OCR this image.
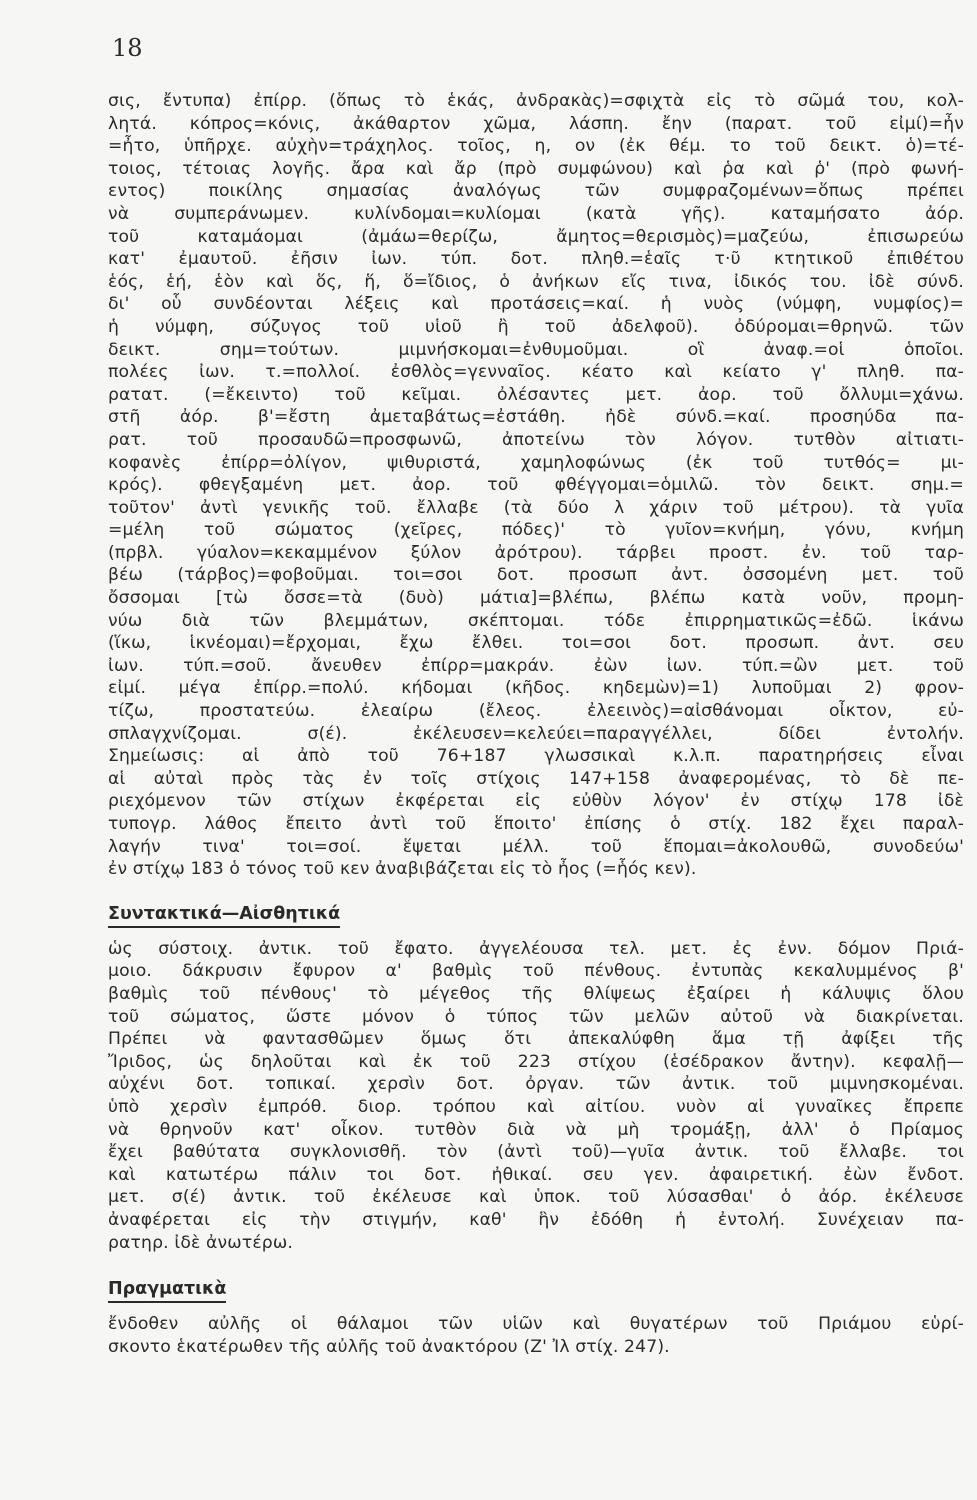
18
σις, ἔντυπα) ἐπίρρ. (ὅπως τὸ ἑκάς, ἀνδρακὰς)=σφιχτὰ εἰς τὸ σῶμά του, κολ-
λητά. κόπρος=κόνις, ἀκάθαρτον χῶμα, λάσπη. ἔην (παρατ. τοῦ εἰμί)=ἦν
=ἦτο, ὑπῆρχε. αὐχὴν=τράχηλος. τοῖος, η, ον (ἐκ θέμ. το τοῦ δεικτ. ὁ)=τέ-
τοιος, τέτοιας λογῆς. ἄρα καὶ ἄρ (πρὸ συμφώνου) καὶ ῥα καὶ ῥ' (πρὸ φωνή-
εντος) ποικίλης σημασίας ἀναλόγως τῶν συμφραζομένων=ὅπως πρέπει
νὰ συμπεράνωμεν. κυλίνδομαι=κυλίομαι (κατὰ γῆς). καταμήσατο ἀόρ.
τοῦ καταμάομαι (ἀμάω=θερίζω, ἄμητος=θερισμὸς)=μαζεύω, ἐπισωρεύω
κατ' ἐμαυτοῦ. ἐῆσιν ἰων. τύπ. δοτ. πληθ.=ἑαῖς τ·ῦ κτητικοῦ ἐπιθέτου
ἑός, ἑή, ἑὸν καὶ ὅς, ἥ, ὅ=ἴδιος, ὁ ἀνήκων εἴς τινα, ἰδικός του. ἰδὲ σύνδ.
δι' οὗ συνδέονται λέξεις καὶ προτάσεις=καί. ἡ νυὸς (νύμφη, νυμφίος)=
ἡ νύμφη, σύζυγος τοῦ υἱοῦ ἢ τοῦ ἀδελφοῦ). ὀδύρομαι=θρηνῶ. τῶν
δεικτ. σημ=τούτων. μιμνήσκομαι=ἐνθυμοῦμαι. οἳ ἀναφ.=οἱ ὁποῖοι.
πολέες ἰων. τ.=πολλοί. ἐσθλὸς=γενναῖος. κέατο καὶ κείατο γ' πληθ. πα-
ρατατ. (=ἔκειντο) τοῦ κεῖμαι. ὀλέσαντες μετ. ἀορ. τοῦ ὄλλυμι=χάνω.
στῆ ἀόρ. β'=ἔστη ἀμεταβάτως=ἐστάθη. ἠδὲ σύνδ.=καί. προσηύδα πα-
ρατ. τοῦ προσαυδῶ=προσφωνῶ, ἀποτείνω τὸν λόγον. τυτθὸν αἰτιατι-
κοφανὲς ἐπίρρ=ὀλίγον, ψιθυριστά, χαμηλοφώνως (ἐκ τοῦ τυτθός= μι-
κρός). φθεγξαμένη μετ. ἀορ. τοῦ φθέγγομαι=ὁμιλῶ. τὸν δεικτ. σημ.=
τοῦτον' ἀντὶ γενικῆς τοῦ. ἔλλαβε (τὰ δύο λ χάριν τοῦ μέτρου). τὰ γυῖα
=μέλη τοῦ σώματος (χεῖρες, πόδες)' τὸ γυῖον=κνήμη, γόνυ, κνήμη
(πρβλ. γύαλον=κεκαμμένον ξύλον ἀρότρου). τάρβει προστ. ἐν. τοῦ ταρ-
βέω (τάρβος)=φοβοῦμαι. τοι=σοι δοτ. προσωπ ἀντ. ὀσσομένη μετ. τοῦ
ὄσσομαι [τὼ ὄσσε=τὰ (δυὸ) μάτια]=βλέπω, βλέπω κατὰ νοῦν, προμη-
νύω διὰ τῶν βλεμμάτων, σκέπτομαι. τόδε ἐπιρρηματικῶς=ἐδῶ. ἱκάνω
(ἵκω, ἱκνέομαι)=ἔρχομαι, ἔχω ἔλθει. τοι=σοι δοτ. προσωπ. ἀντ. σευ
ἰων. τύπ.=σοῦ. ἄνευθεν ἐπίρρ=μακράν. ἐὼν ἰων. τύπ.=ὢν μετ. τοῦ
εἰμί. μέγα ἐπίρρ.=πολύ. κήδομαι (κῆδος. κηδεμὼν)=1) λυποῦμαι 2) φρον-
τίζω, προστατεύω. ἐλεαίρω (ἔλεος. ἐλεεινὸς)=αἰσθάνομαι οἶκτον, εὐ-
σπλαγχνίζομαι. σ(έ). ἐκέλευσεν=κελεύει=παραγγέλλει, δίδει ἐντολήν.
Σημείωσις: αἱ ἀπὸ τοῦ 76+187 γλωσσικαὶ κ.λ.π. παρατηρήσεις εἶναι
αἱ αὐταὶ πρὸς τὰς ἐν τοῖς στίχοις 147+158 ἀναφερομένας, τὸ δὲ πε-
ριεχόμενον τῶν στίχων ἐκφέρεται εἰς εὐθὺν λόγον' ἐν στίχῳ 178 ἰδὲ
τυπογρ. λάθος ἔπειτο ἀντὶ τοῦ ἕποιτο' ἐπίσης ὁ στίχ. 182 ἔχει παραλ-
λαγήν τινα' τοι=σοί. ἕψεται μέλλ. τοῦ ἕπομαι=ἀκολουθῶ, συνοδεύω'
ἐν στίχῳ 183 ὁ τόνος τοῦ κεν ἀναβιβάζεται εἰς τὸ ἦος (=ἧός κεν).
Συντακτικά—Αἰσθητικά
ὡς σύστοιχ. ἀντικ. τοῦ ἔφατο. ἀγγελέουσα τελ. μετ. ἐς ἐνν. δόμον Πριά-
μοιο. δάκρυσιν ἔφυρον α' βαθμὶς τοῦ πένθους. ἐντυπὰς κεκαλυμμένος β'
βαθμὶς τοῦ πένθους' τὸ μέγεθος τῆς θλίψεως ἐξαίρει ἡ κάλυψις ὅλου
τοῦ σώματος, ὥστε μόνον ὁ τύπος τῶν μελῶν αὐτοῦ νὰ διακρίνεται.
Πρέπει νὰ φαντασθῶμεν ὅμως ὅτι ἀπεκαλύφθη ἅμα τῇ ἀφίξει τῆς
Ἴριδος, ὡς δηλοῦται καὶ ἐκ τοῦ 223 στίχου (ἑσέδρακον ἄντην). κεφαλῇ—
αὐχένι δοτ. τοπικαί. χερσὶν δοτ. ὀργαν. τῶν ἀντικ. τοῦ μιμνησκομέναι.
ὑπὸ χερσὶν ἐμπρόθ. διορ. τρόπου καὶ αἰτίου. νυὸν αἱ γυναῖκες ἔπρεπε
νὰ θρηνοῦν κατ' οἶκον. τυτθὸν διὰ νὰ μὴ τρομάξῃ, ἀλλ' ὁ Πρίαμος
ἔχει βαθύτατα συγκλονισθῆ. τὸν (ἀντὶ τοῦ)—γυῖα ἀντικ. τοῦ ἔλλαβε. τοι
καὶ κατωτέρω πάλιν τοι δοτ. ἠθικαί. σευ γεν. ἀφαιρετική. ἐὼν ἔνδοτ.
μετ. σ(έ) ἀντικ. τοῦ ἐκέλευσε καὶ ὑποκ. τοῦ λύσασθαι' ὁ ἀόρ. ἐκέλευσε
ἀναφέρεται εἰς τὴν στιγμήν, καθ' ἣν ἐδόθη ἡ ἐντολή. Συνέχειαν πα-
ρατηρ. ἰδὲ ἀνωτέρω.
Πραγματικὰ
ἔνδοθεν αὐλῆς οἱ θάλαμοι τῶν υἱῶν καὶ θυγατέρων τοῦ Πριάμου εὑρί-
σκοντο ἑκατέρωθεν τῆς αὐλῆς τοῦ ἀνακτόρου (Ζ' Ἰλ στίχ. 247).
